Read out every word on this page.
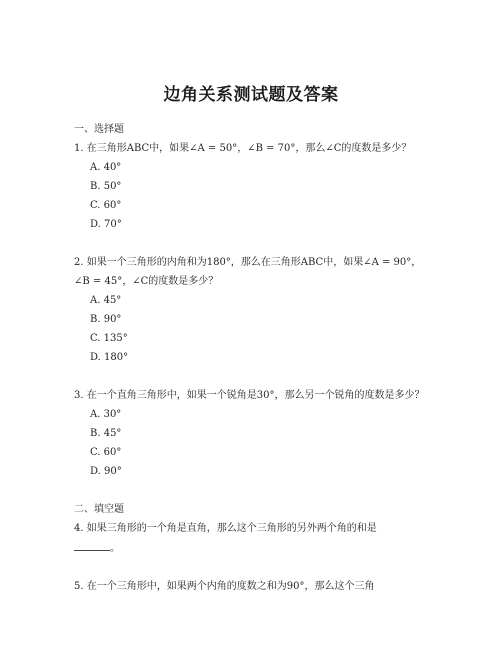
边角关系测试题及答案

一、选择题

1. 在三角形ABC中，如果∠A = 50°，∠B = 70°，那么∠C的度数是多少？

A. 40°
B. 50°
C. 60°
D. 70°

2. 如果一个三角形的内角和为180°，那么在三角形ABC中，如果∠A = 90°，∠B = 45°，∠C的度数是多少？

A. 45°
B. 90°
C. 135°
D. 180°

3. 在一个直角三角形中，如果一个锐角是30°，那么另一个锐角的度数是多少？

A. 30°
B. 45°
C. 60°
D. 90°

二、填空题

4. 如果三角形的一个角是直角，那么这个三角形的另外两个角的和是
。

5. 在一个三角形中，如果两个内角的度数之和为90°，那么这个三角
